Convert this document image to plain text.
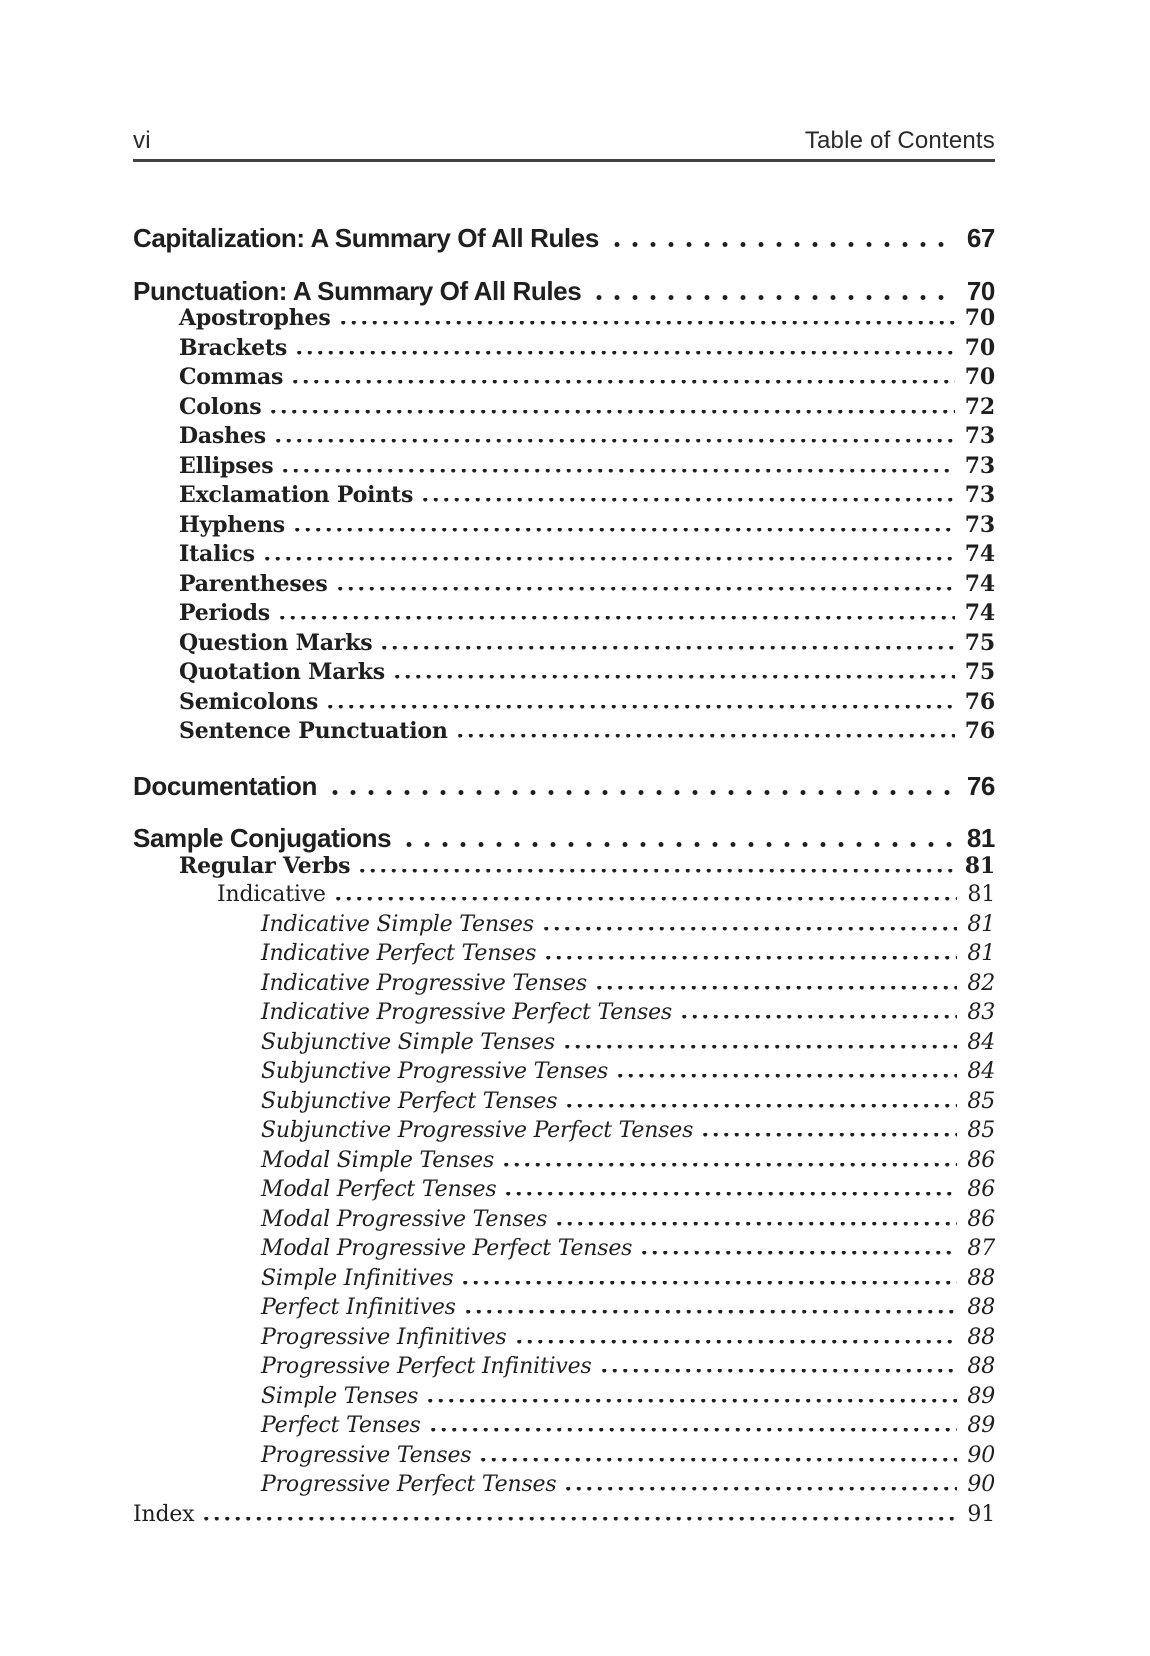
vi	Table of Contents
Capitalization: A Summary Of All Rules	67
Punctuation: A Summary Of All Rules	70
Apostrophes	70
Brackets	70
Commas	70
Colons	72
Dashes	73
Ellipses	73
Exclamation Points	73
Hyphens	73
Italics	74
Parentheses	74
Periods	74
Question Marks	75
Quotation Marks	75
Semicolons	76
Sentence Punctuation	76
Documentation	76
Sample Conjugations	81
Regular Verbs	81
Indicative	81
Indicative Simple Tenses	81
Indicative Perfect Tenses	81
Indicative Progressive Tenses	82
Indicative Progressive Perfect Tenses	83
Subjunctive Simple Tenses	84
Subjunctive Progressive Tenses	84
Subjunctive Perfect Tenses	85
Subjunctive Progressive Perfect Tenses	85
Modal Simple Tenses	86
Modal Perfect Tenses	86
Modal Progressive Tenses	86
Modal Progressive Perfect Tenses	87
Simple Infinitives	88
Perfect Infinitives	88
Progressive Infinitives	88
Progressive Perfect Infinitives	88
Simple Tenses	89
Perfect Tenses	89
Progressive Tenses	90
Progressive Perfect Tenses	90
Index	91
